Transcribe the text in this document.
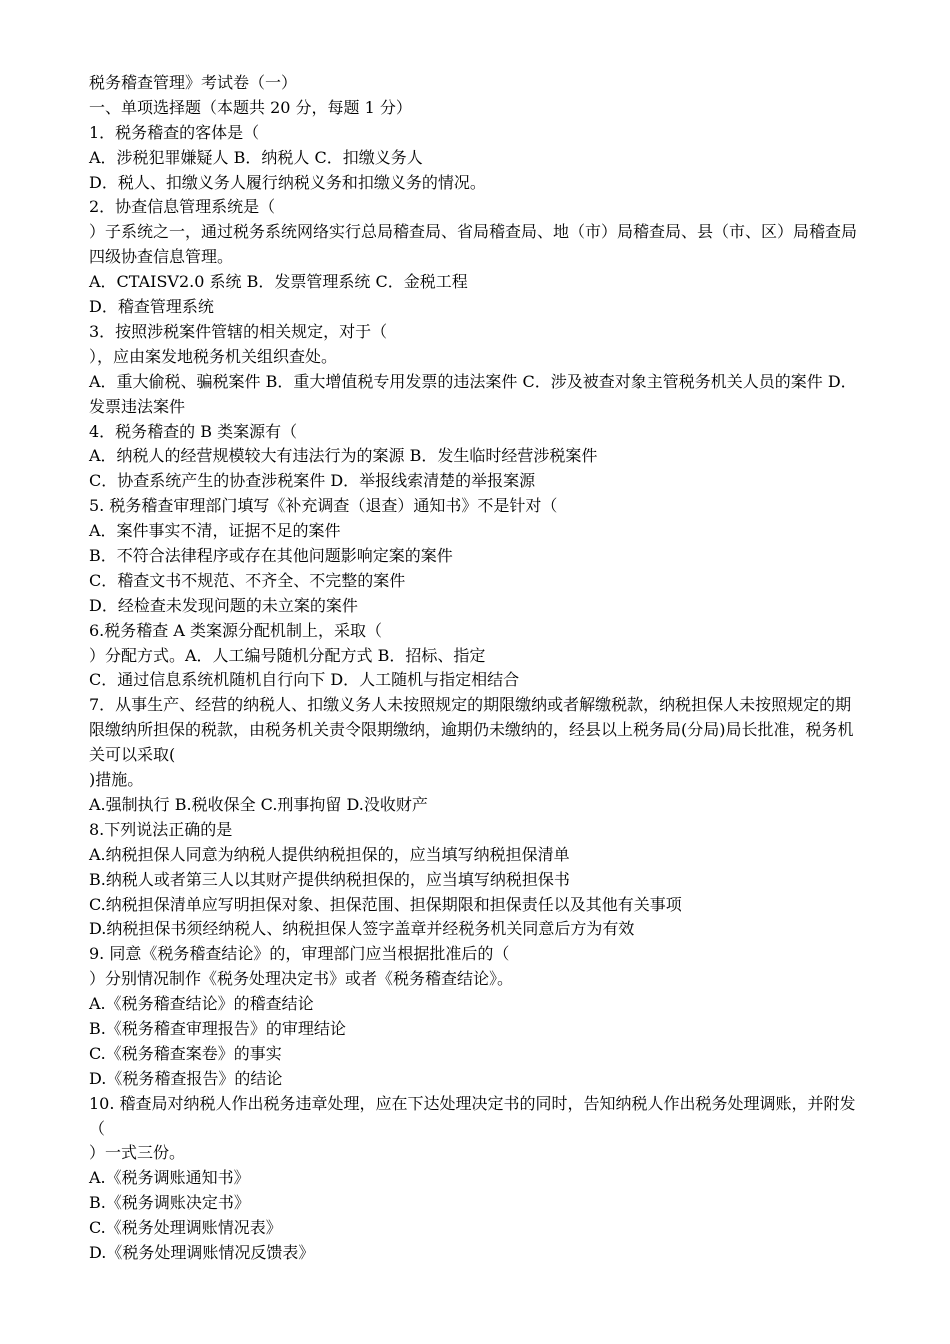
税务稽查管理》考试卷（一）
一、单项选择题（本题共 20 分，每题 1 分）
1．税务稽查的客体是（
A．涉税犯罪嫌疑人 B．纳税人 C．扣缴义务人
D．税人、扣缴义务人履行纳税义务和扣缴义务的情况。
2．协查信息管理系统是（
）子系统之一，通过税务系统网络实行总局稽查局、省局稽查局、地（市）局稽查局、县（市、区）局稽查局四级协查信息管理。
A．CTAISV2.0 系统 B．发票管理系统 C．金税工程
D．稽查管理系统
3．按照涉税案件管辖的相关规定，对于（
），应由案发地税务机关组织查处。
A．重大偷税、骗税案件 B．重大增值税专用发票的违法案件 C．涉及被查对象主管税务机关人员的案件 D．发票违法案件
4．税务稽查的 B 类案源有（
A．纳税人的经营规模较大有违法行为的案源 B．发生临时经营涉税案件
C．协查系统产生的协查涉税案件 D．举报线索清楚的举报案源
5. 税务稽查审理部门填写《补充调查（退查）通知书》不是针对（
A．案件事实不清，证据不足的案件
B．不符合法律程序或存在其他问题影响定案的案件
C．稽查文书不规范、不齐全、不完整的案件
D．经检查未发现问题的未立案的案件
6.税务稽查 A 类案源分配机制上，采取（
）分配方式。A．人工编号随机分配方式 B．招标、指定
C．通过信息系统机随机自行向下 D．人工随机与指定相结合
7．从事生产、经营的纳税人、扣缴义务人未按照规定的期限缴纳或者解缴税款，纳税担保人未按照规定的期限缴纳所担保的税款，由税务机关责令限期缴纳，逾期仍未缴纳的，经县以上税务局(分局)局长批准，税务机关可以采取(
)措施。
A.强制执行 B.税收保全 C.刑事拘留 D.没收财产
8.下列说法正确的是
A.纳税担保人同意为纳税人提供纳税担保的，应当填写纳税担保清单
B.纳税人或者第三人以其财产提供纳税担保的，应当填写纳税担保书
C.纳税担保清单应写明担保对象、担保范围、担保期限和担保责任以及其他有关事项
D.纳税担保书须经纳税人、纳税担保人签字盖章并经税务机关同意后方为有效
9. 同意《税务稽查结论》的，审理部门应当根据批准后的（
）分别情况制作《税务处理决定书》或者《税务稽查结论》。
A.《税务稽查结论》的稽查结论
B.《税务稽查审理报告》的审理结论
C.《税务稽查案卷》的事实
D.《税务稽查报告》的结论
10. 稽查局对纳税人作出税务违章处理，应在下达处理决定书的同时，告知纳税人作出税务处理调账，并附发（
）一式三份。
A.《税务调账通知书》
B.《税务调账决定书》
C.《税务处理调账情况表》
D.《税务处理调账情况反馈表》
